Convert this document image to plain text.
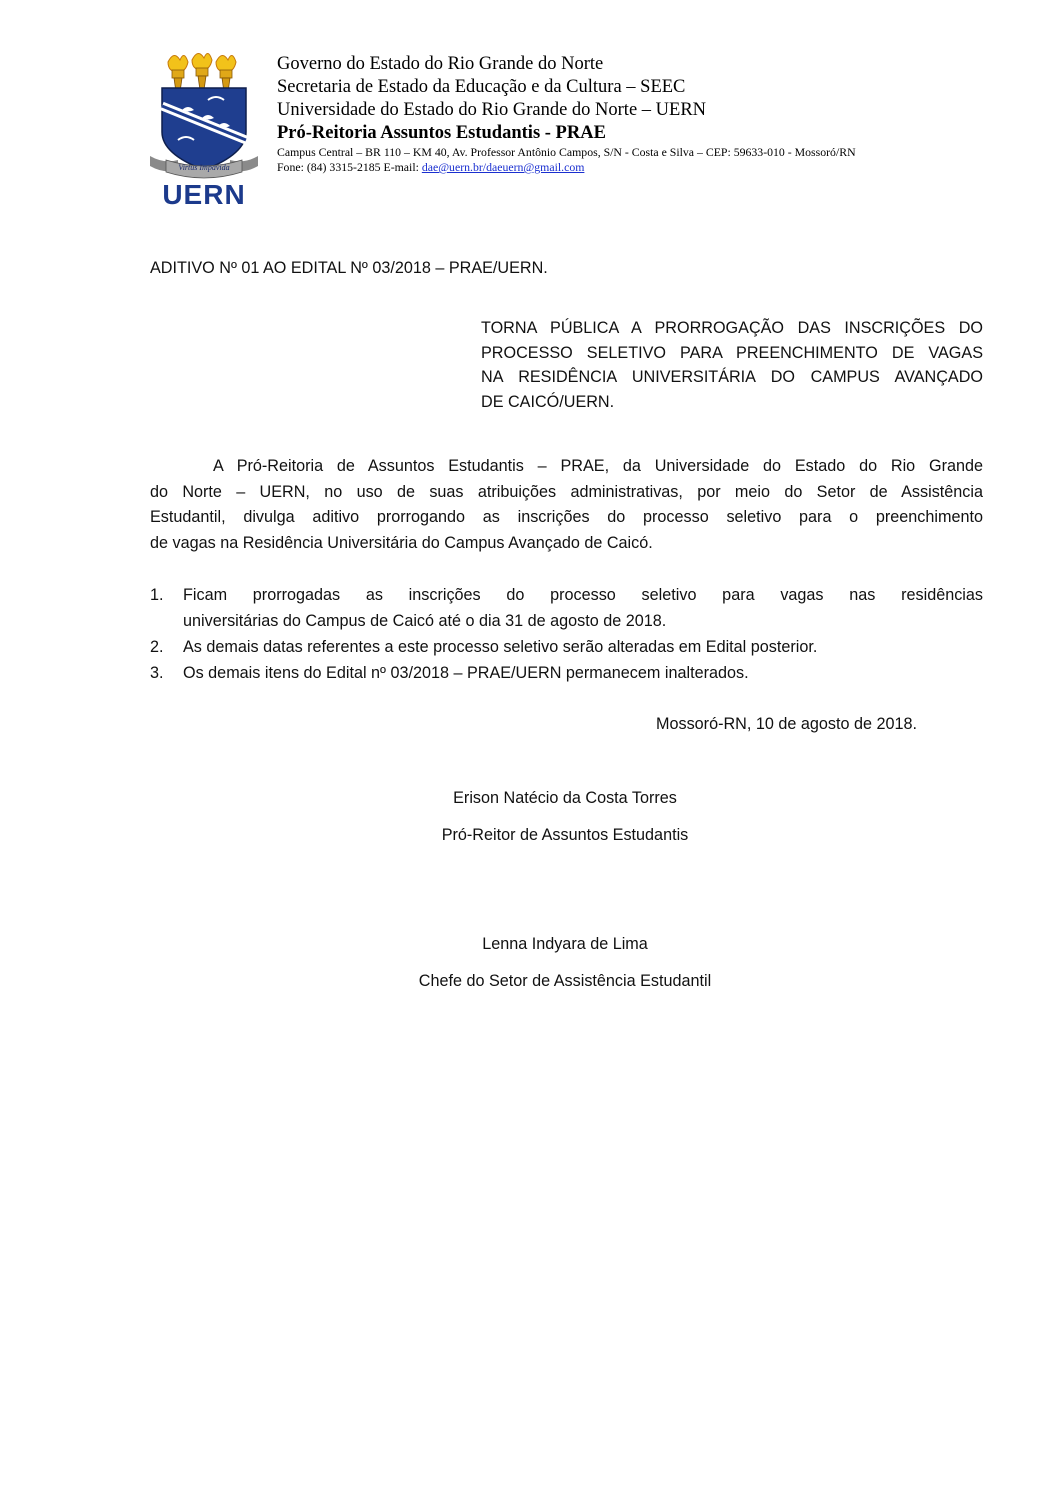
Virtus Impavida
UERN
Governo do Estado do Rio Grande do Norte
Secretaria de Estado da Educação e da Cultura – SEEC
Universidade do Estado do Rio Grande do Norte – UERN
Pró-Reitoria Assuntos Estudantis - PRAE
Campus Central – BR 110 – KM 40, Av. Professor Antônio Campos, S/N - Costa e Silva – CEP: 59633-010 - Mossoró/RN
Fone: (84) 3315-2185 E-mail: dae@uern.br/daeuern@gmail.com
ADITIVO Nº 01 AO EDITAL Nº 03/2018 – PRAE/UERN.
TORNA PÚBLICA A PRORROGAÇÃO DAS INSCRIÇÕES DO
PROCESSO SELETIVO PARA PREENCHIMENTO DE VAGAS
NA RESIDÊNCIA UNIVERSITÁRIA DO CAMPUS AVANÇADO
DE CAICÓ/UERN.
A Pró-Reitoria de Assuntos Estudantis – PRAE, da Universidade do Estado do Rio Grande
do Norte – UERN, no uso de suas atribuições administrativas, por meio do Setor de Assistência
Estudantil, divulga aditivo prorrogando as inscrições do processo seletivo para o preenchimento
de vagas na Residência Universitária do Campus Avançado de Caicó.
1. Ficam prorrogadas as inscrições do processo seletivo para vagas nas residências
universitárias do Campus de Caicó até o dia 31 de agosto de 2018.
2. As demais datas referentes a este processo seletivo serão alteradas em Edital posterior.
3. Os demais itens do Edital nº 03/2018 – PRAE/UERN permanecem inalterados.
Mossoró-RN, 10 de agosto de 2018.
Erison Natécio da Costa Torres
Pró-Reitor de Assuntos Estudantis
Lenna Indyara de Lima
Chefe do Setor de Assistência Estudantil
